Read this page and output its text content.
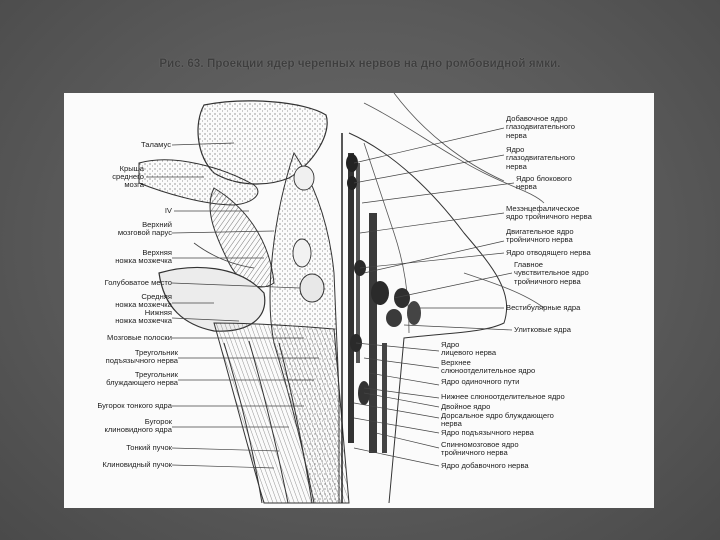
Рис. 63. Проекции ядер черепных нервов на дно ромбовидной ямки.
Таламус
Крыша
среднего
мозга
IV
Верхний
мозговой парус
Верхняя
ножка мозжечка
Голубоватое место
Средняя
ножка мозжечка
Нижняя
ножка мозжечка
Мозговые полоски
Треугольник
подъязычного нерва
Треугольник
блуждающего нерва
Бугорок тонкого ядра
Бугорок
клиновидного ядра
Тонкий пучок
Клиновидный пучок
Добавочное ядро
глазодвигательного
нерва
Ядро
глазодвигательного
нерва
Ядро блокового
нерва
Мезэнцефалическое
ядро тройничного нерва
Двигательное ядро
тройничного нерва
Ядро отводящего нерва
Главное
чувствительное ядро
тройничного нерва
Вестибулярные ядра
Улитковые ядра
Ядро
лицевого нерва
Верхнее
слюноотделительное ядро
Ядро одиночного пути
Нижнее слюноотделительное ядро
Двойное ядро
Дорсальное ядро блуждающего
нерва
Ядро подъязычного нерва
Спинномозговое ядро
тройничного нерва
Ядро добавочного нерва
